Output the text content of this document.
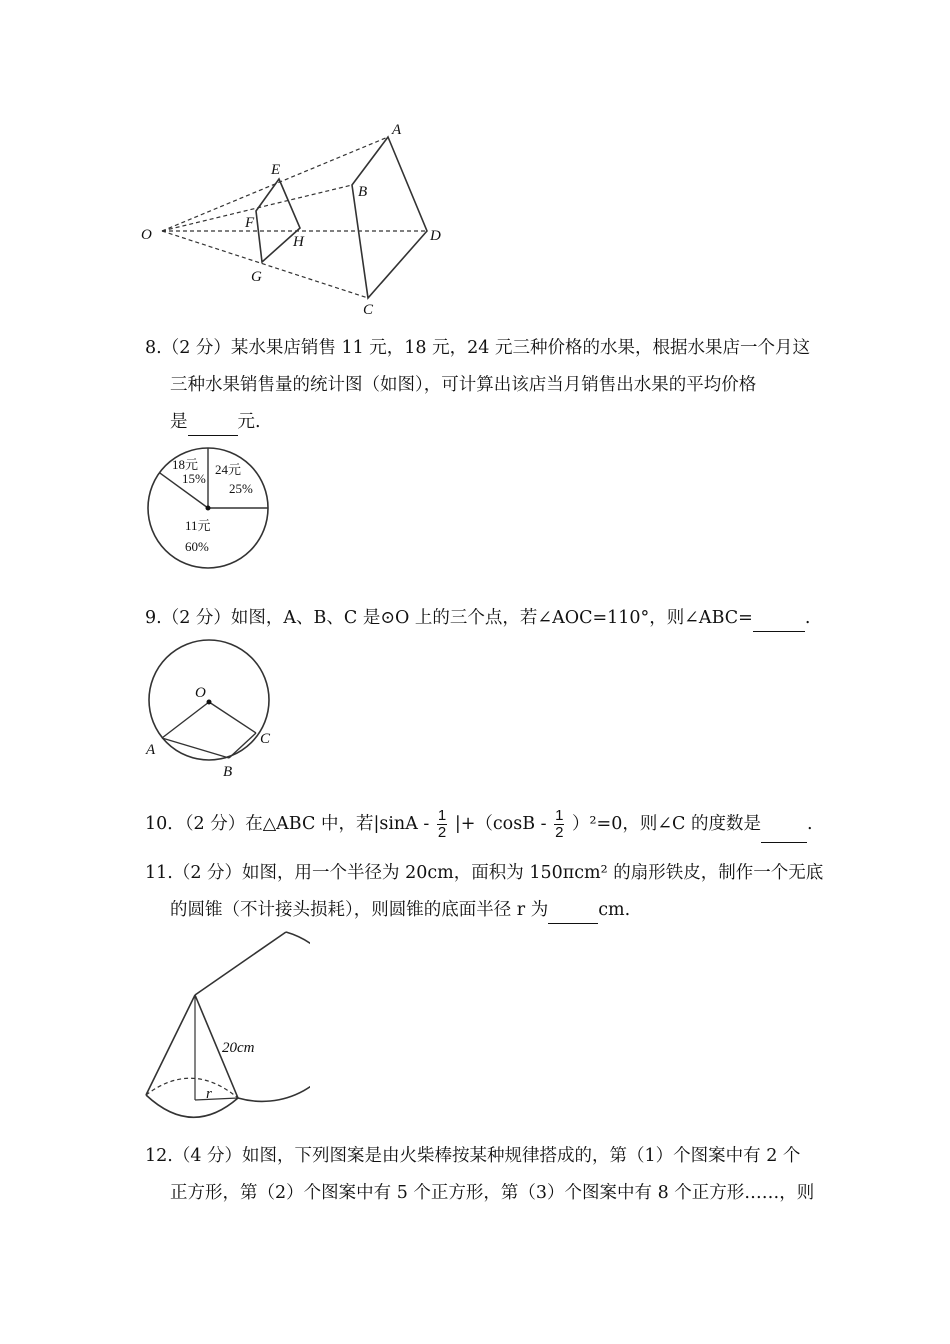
A
B
C
D
E
F
G
H
O
8.（2 分）某水果店销售 11 元，18 元，24 元三种价格的水果，根据水果店一个月这
三种水果销售量的统计图（如图），可计算出该店当月销售出水果的平均价格
是	元.
18元
15%
24元
25%
11元
60%
9.（2 分）如图，A、B、C 是⊙O 上的三个点，若∠AOC=110°，则∠ABC=	.
O
A
B
C
10．（2 分）在△ABC 中，若$|\sin A - \frac{1}{2} |+(\cos B - \frac{1}{2} )^2=0$，则∠C 的度数是	.
11.（2 分）如图，用一个半径为 20cm，面积为 150πcm² 的扇形铁皮，制作一个无底
的圆锥（不计接头损耗），则圆锥的底面半径 r 为	cm.
20cm
r
12.（4 分）如图，下列图案是由火柴棒按某种规律搭成的，第（1）个图案中有 2 个
正方形，第（2）个图案中有 5 个正方形，第（3）个图案中有 8 个正方形……，则
